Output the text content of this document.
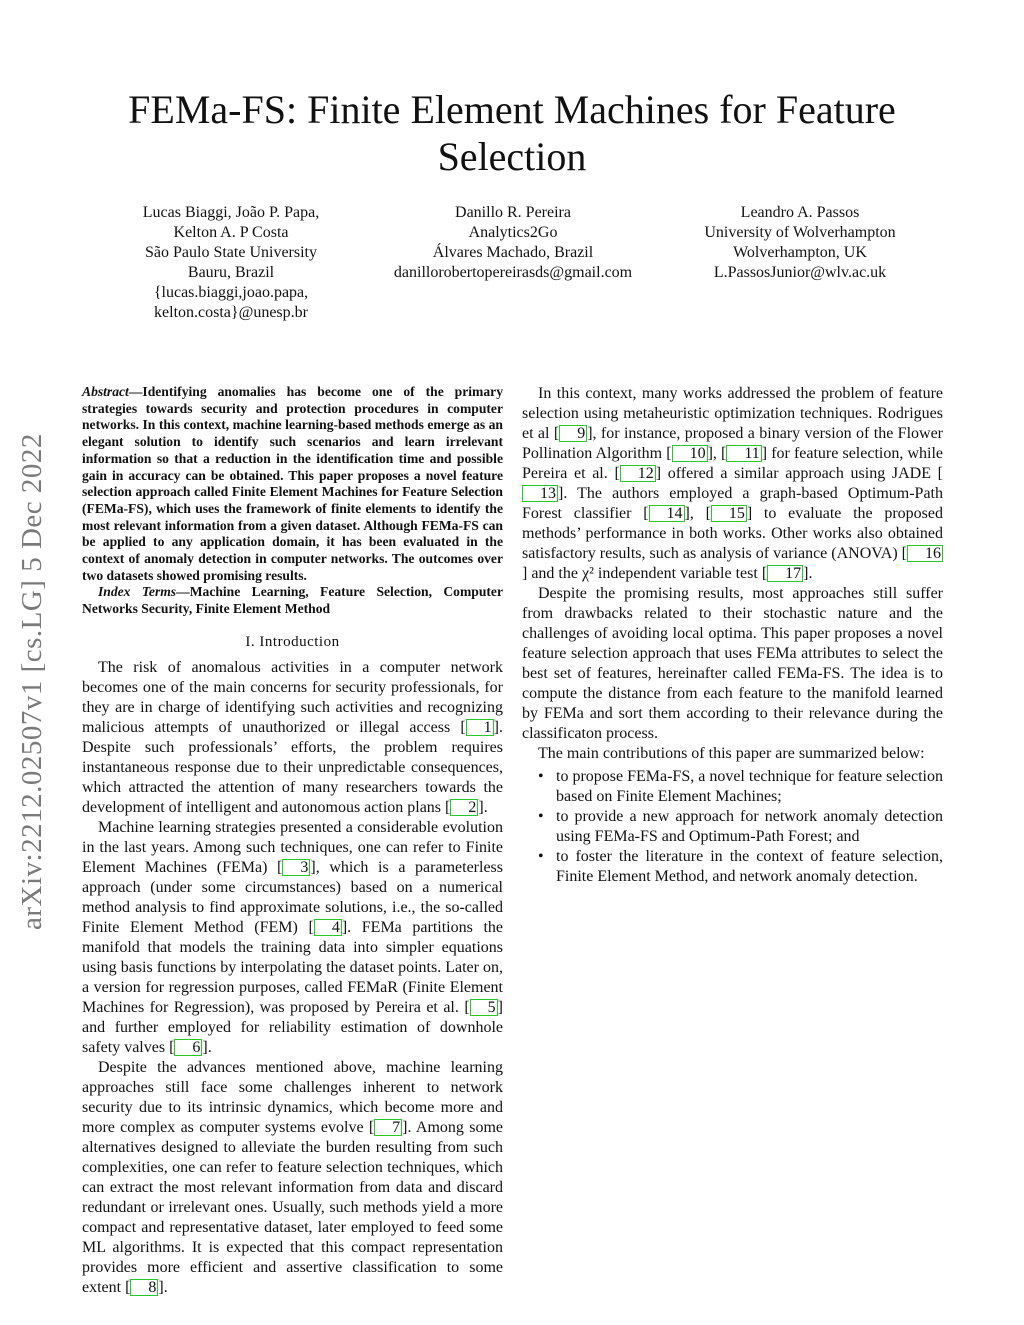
arXiv:2212.02507v1 [cs.LG] 5 Dec 2022
FEMa-FS: Finite Element Machines for Feature
Selection
Lucas Biaggi, João P. Papa,
Kelton A. P Costa
São Paulo State University
Bauru, Brazil
{lucas.biaggi,joao.papa,
kelton.costa}@unesp.br
Danillo R. Pereira
Analytics2Go
Álvares Machado, Brazil
danillorobertopereirasds@gmail.com
Leandro A. Passos
University of Wolverhampton
Wolverhampton, UK
L.PassosJunior@wlv.ac.uk

Abstract—Identifying anomalies has become one of the primary strategies towards security and protection procedures in computer networks. In this context, machine learning-based methods emerge as an elegant solution to identify such scenarios and learn irrelevant information so that a reduction in the identification time and possible gain in accuracy can be obtained. This paper proposes a novel feature selection approach called Finite Element Machines for Feature Selection (FEMa-FS), which uses the framework of finite elements to identify the most relevant information from a given dataset. Although FEMa-FS can be applied to any application domain, it has been evaluated in the context of anomaly detection in computer networks. The outcomes over two datasets showed promising results.

Index Terms—Machine Learning, Feature Selection, Computer Networks Security, Finite Element Method

I. Introduction

The risk of anomalous activities in a computer network becomes one of the main concerns for security professionals, for they are in charge of identifying such activities and recognizing malicious attempts of unauthorized or illegal access [ 1 ]. Despite such professionals’ efforts, the problem requires instantaneous response due to their unpredictable consequences, which attracted the attention of many researchers towards the development of intelligent and autonomous action plans [ 2 ].

Machine learning strategies presented a considerable evolution in the last years. Among such techniques, one can refer to Finite Element Machines (FEMa) [ 3 ], which is a parameterless approach (under some circumstances) based on a numerical method analysis to find approximate solutions, i.e., the so-called Finite Element Method (FEM) [ 4 ]. FEMa partitions the manifold that models the training data into simpler equations using basis functions by interpolating the dataset points. Later on, a version for regression purposes, called FEMaR (Finite Element Machines for Regression), was proposed by Pereira et al. [ 5 ] and further employed for reliability estimation of downhole safety valves [ 6 ].

Despite the advances mentioned above, machine learning approaches still face some challenges inherent to network security due to its intrinsic dynamics, which become more and more complex as computer systems evolve [ 7 ]. Among some alternatives designed to alleviate the burden resulting from such complexities, one can refer to feature selection techniques, which can extract the most relevant information from data and discard redundant or irrelevant ones. Usually, such methods yield a more compact and representative dataset, later employed to feed some ML algorithms. It is expected that this compact representation provides more efficient and assertive classification to some extent [ 8 ].

In this context, many works addressed the problem of feature selection using metaheuristic optimization techniques. Rodrigues et al [ 9 ], for instance, proposed a binary version of the Flower Pollination Algorithm [ 10 ], [ 11 ] for feature selection, while Pereira et al. [ 12 ] offered a similar approach using JADE [13 ]. The authors employed a graph-based Optimum-Path Forest classifier [ 14 ], [ 15 ] to evaluate the proposed methods’ performance in both works. Other works also obtained satisfactory results, such as analysis of variance (ANOVA) [ 16] and the χ² independent variable test [ 17 ].

Despite the promising results, most approaches still suffer from drawbacks related to their stochastic nature and the challenges of avoiding local optima. This paper proposes a novel feature selection approach that uses FEMa attributes to select the best set of features, hereinafter called FEMa-FS. The idea is to compute the distance from each feature to the manifold learned by FEMa and sort them according to their relevance during the classificaton process.

The main contributions of this paper are summarized below:

• to propose FEMa-FS, a novel technique for feature selection based on Finite Element Machines;
• to provide a new approach for network anomaly detection using FEMa-FS and Optimum-Path Forest; and
• to foster the literature in the context of feature selection, Finite Element Method, and network anomaly detection.
